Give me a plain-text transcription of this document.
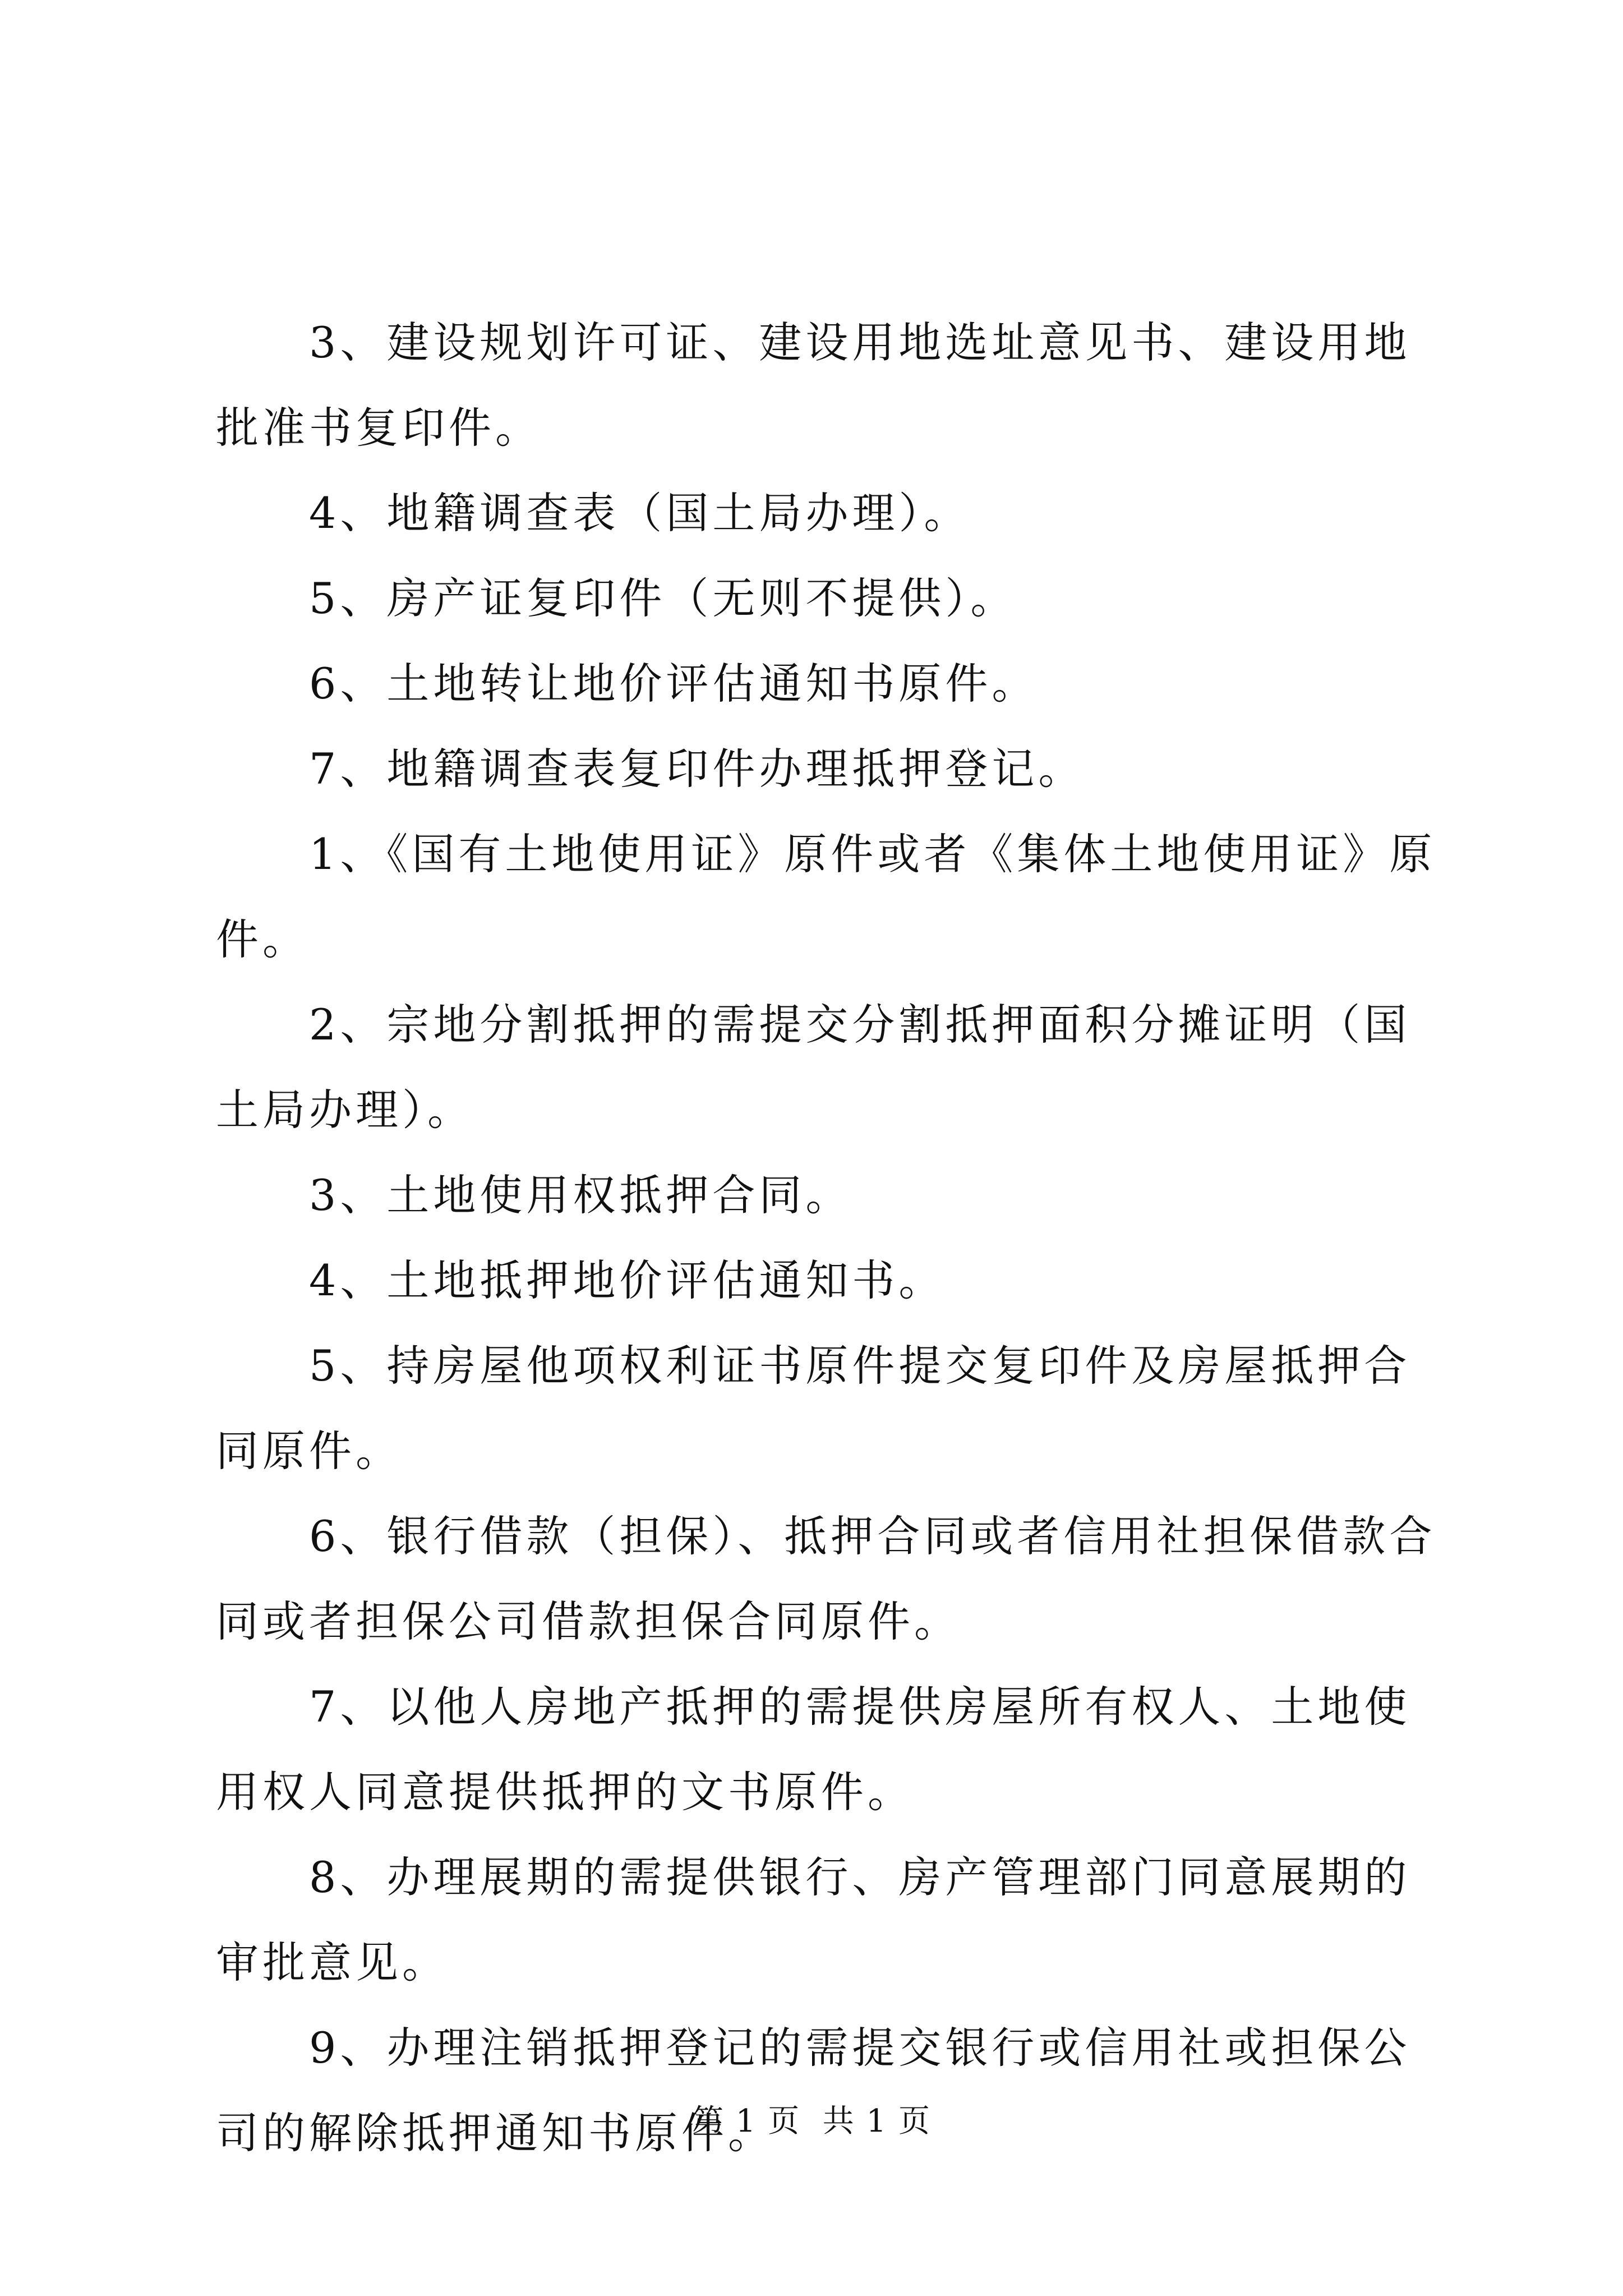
3、建设规划许可证、建设用地选址意见书、建设用地批准书复印件。

4、地籍调查表（国土局办理）。

5、房产证复印件（无则不提供）。

6、土地转让地价评估通知书原件。

7、地籍调查表复印件办理抵押登记。

1、《国有土地使用证》原件或者《集体土地使用证》原件。

2、宗地分割抵押的需提交分割抵押面积分摊证明（国土局办理）。

3、土地使用权抵押合同。

4、土地抵押地价评估通知书。

5、持房屋他项权利证书原件提交复印件及房屋抵押合同原件。

6、银行借款（担保）、抵押合同或者信用社担保借款合同或者担保公司借款担保合同原件。

7、以他人房地产抵押的需提供房屋所有权人、土地使用权人同意提供抵押的文书原件。

8、办理展期的需提供银行、房产管理部门同意展期的审批意见。

9、办理注销抵押登记的需提交银行或信用社或担保公司的解除抵押通知书原件。

第 1 页  共 1 页
